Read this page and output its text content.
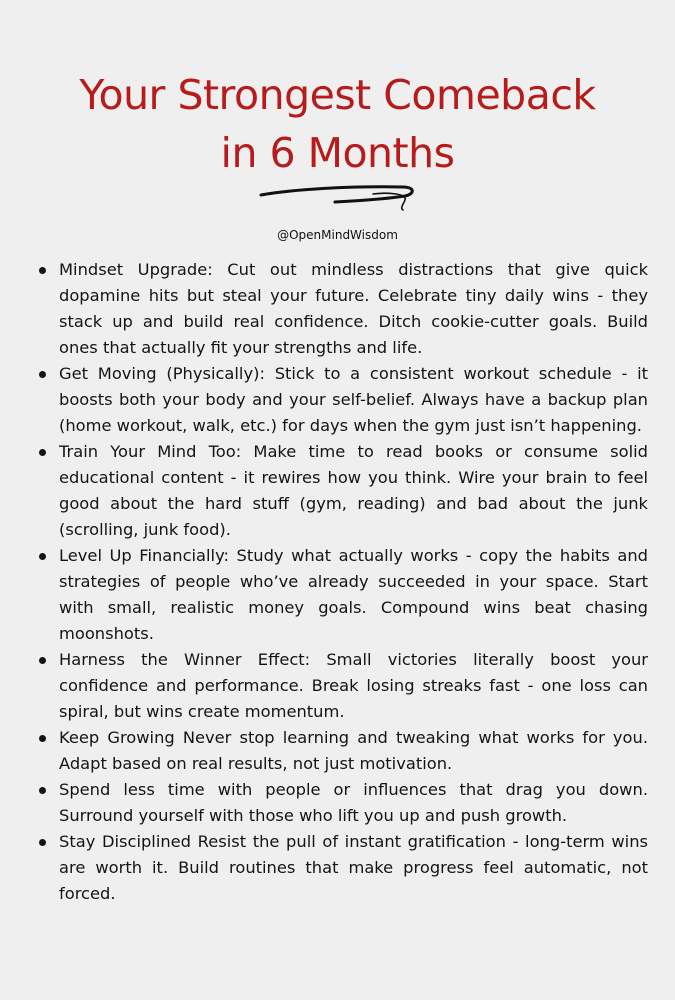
Your Strongest Comeback
in 6 Months
@OpenMindWisdom
Mindset Upgrade: Cut out mindless distractions that give quick dopamine hits but steal your future. Celebrate tiny daily wins - they stack up and build real confidence. Ditch cookie-cutter goals. Build ones that actually fit your strengths and life.
Get Moving (Physically): Stick to a consistent workout schedule - it boosts both your body and your self-belief. Always have a backup plan (home workout, walk, etc.) for days when the gym just isn’t happening.
Train Your Mind Too: Make time to read books or consume solid educational content - it rewires how you think. Wire your brain to feel good about the hard stuff (gym, reading) and bad about the junk (scrolling, junk food).
Level Up Financially: Study what actually works - copy the habits and strategies of people who’ve already succeeded in your space. Start with small, realistic money goals. Compound wins beat chasing moonshots.
Harness the Winner Effect: Small victories literally boost your confidence and performance. Break losing streaks fast - one loss can spiral, but wins create momentum.
Keep Growing Never stop learning and tweaking what works for you. Adapt based on real results, not just motivation.
Spend less time with people or influences that drag you down. Surround yourself with those who lift you up and push growth.
Stay Disciplined Resist the pull of instant gratification - long-term wins are worth it. Build routines that make progress feel automatic, not forced.
